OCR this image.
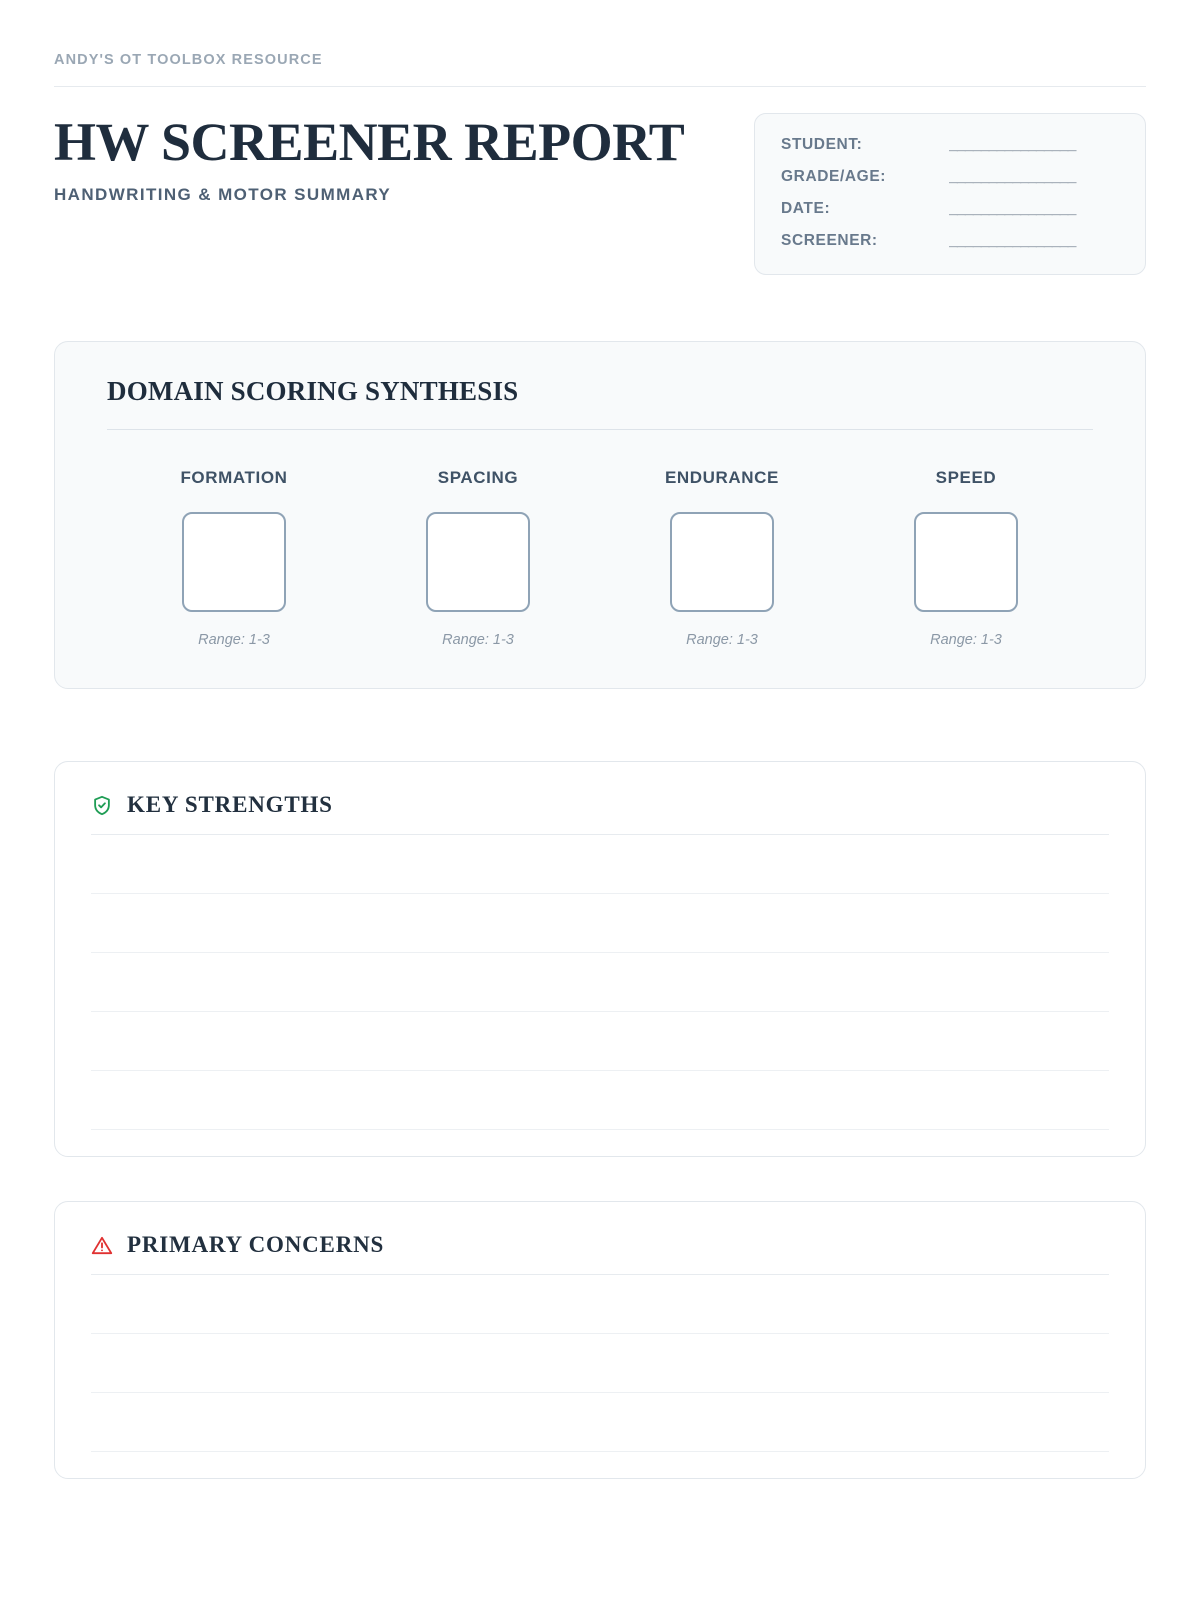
ANDY'S OT TOOLBOX RESOURCE
HW SCREENER REPORT
HANDWRITING & MOTOR SUMMARY
STUDENT:	________________
GRADE/AGE:	________________
DATE:	________________
SCREENER:	________________
DOMAIN SCORING SYNTHESIS
FORMATION
Range: 1-3
SPACING
Range: 1-3
ENDURANCE
Range: 1-3
SPEED
Range: 1-3
KEY STRENGTHS
PRIMARY CONCERNS
